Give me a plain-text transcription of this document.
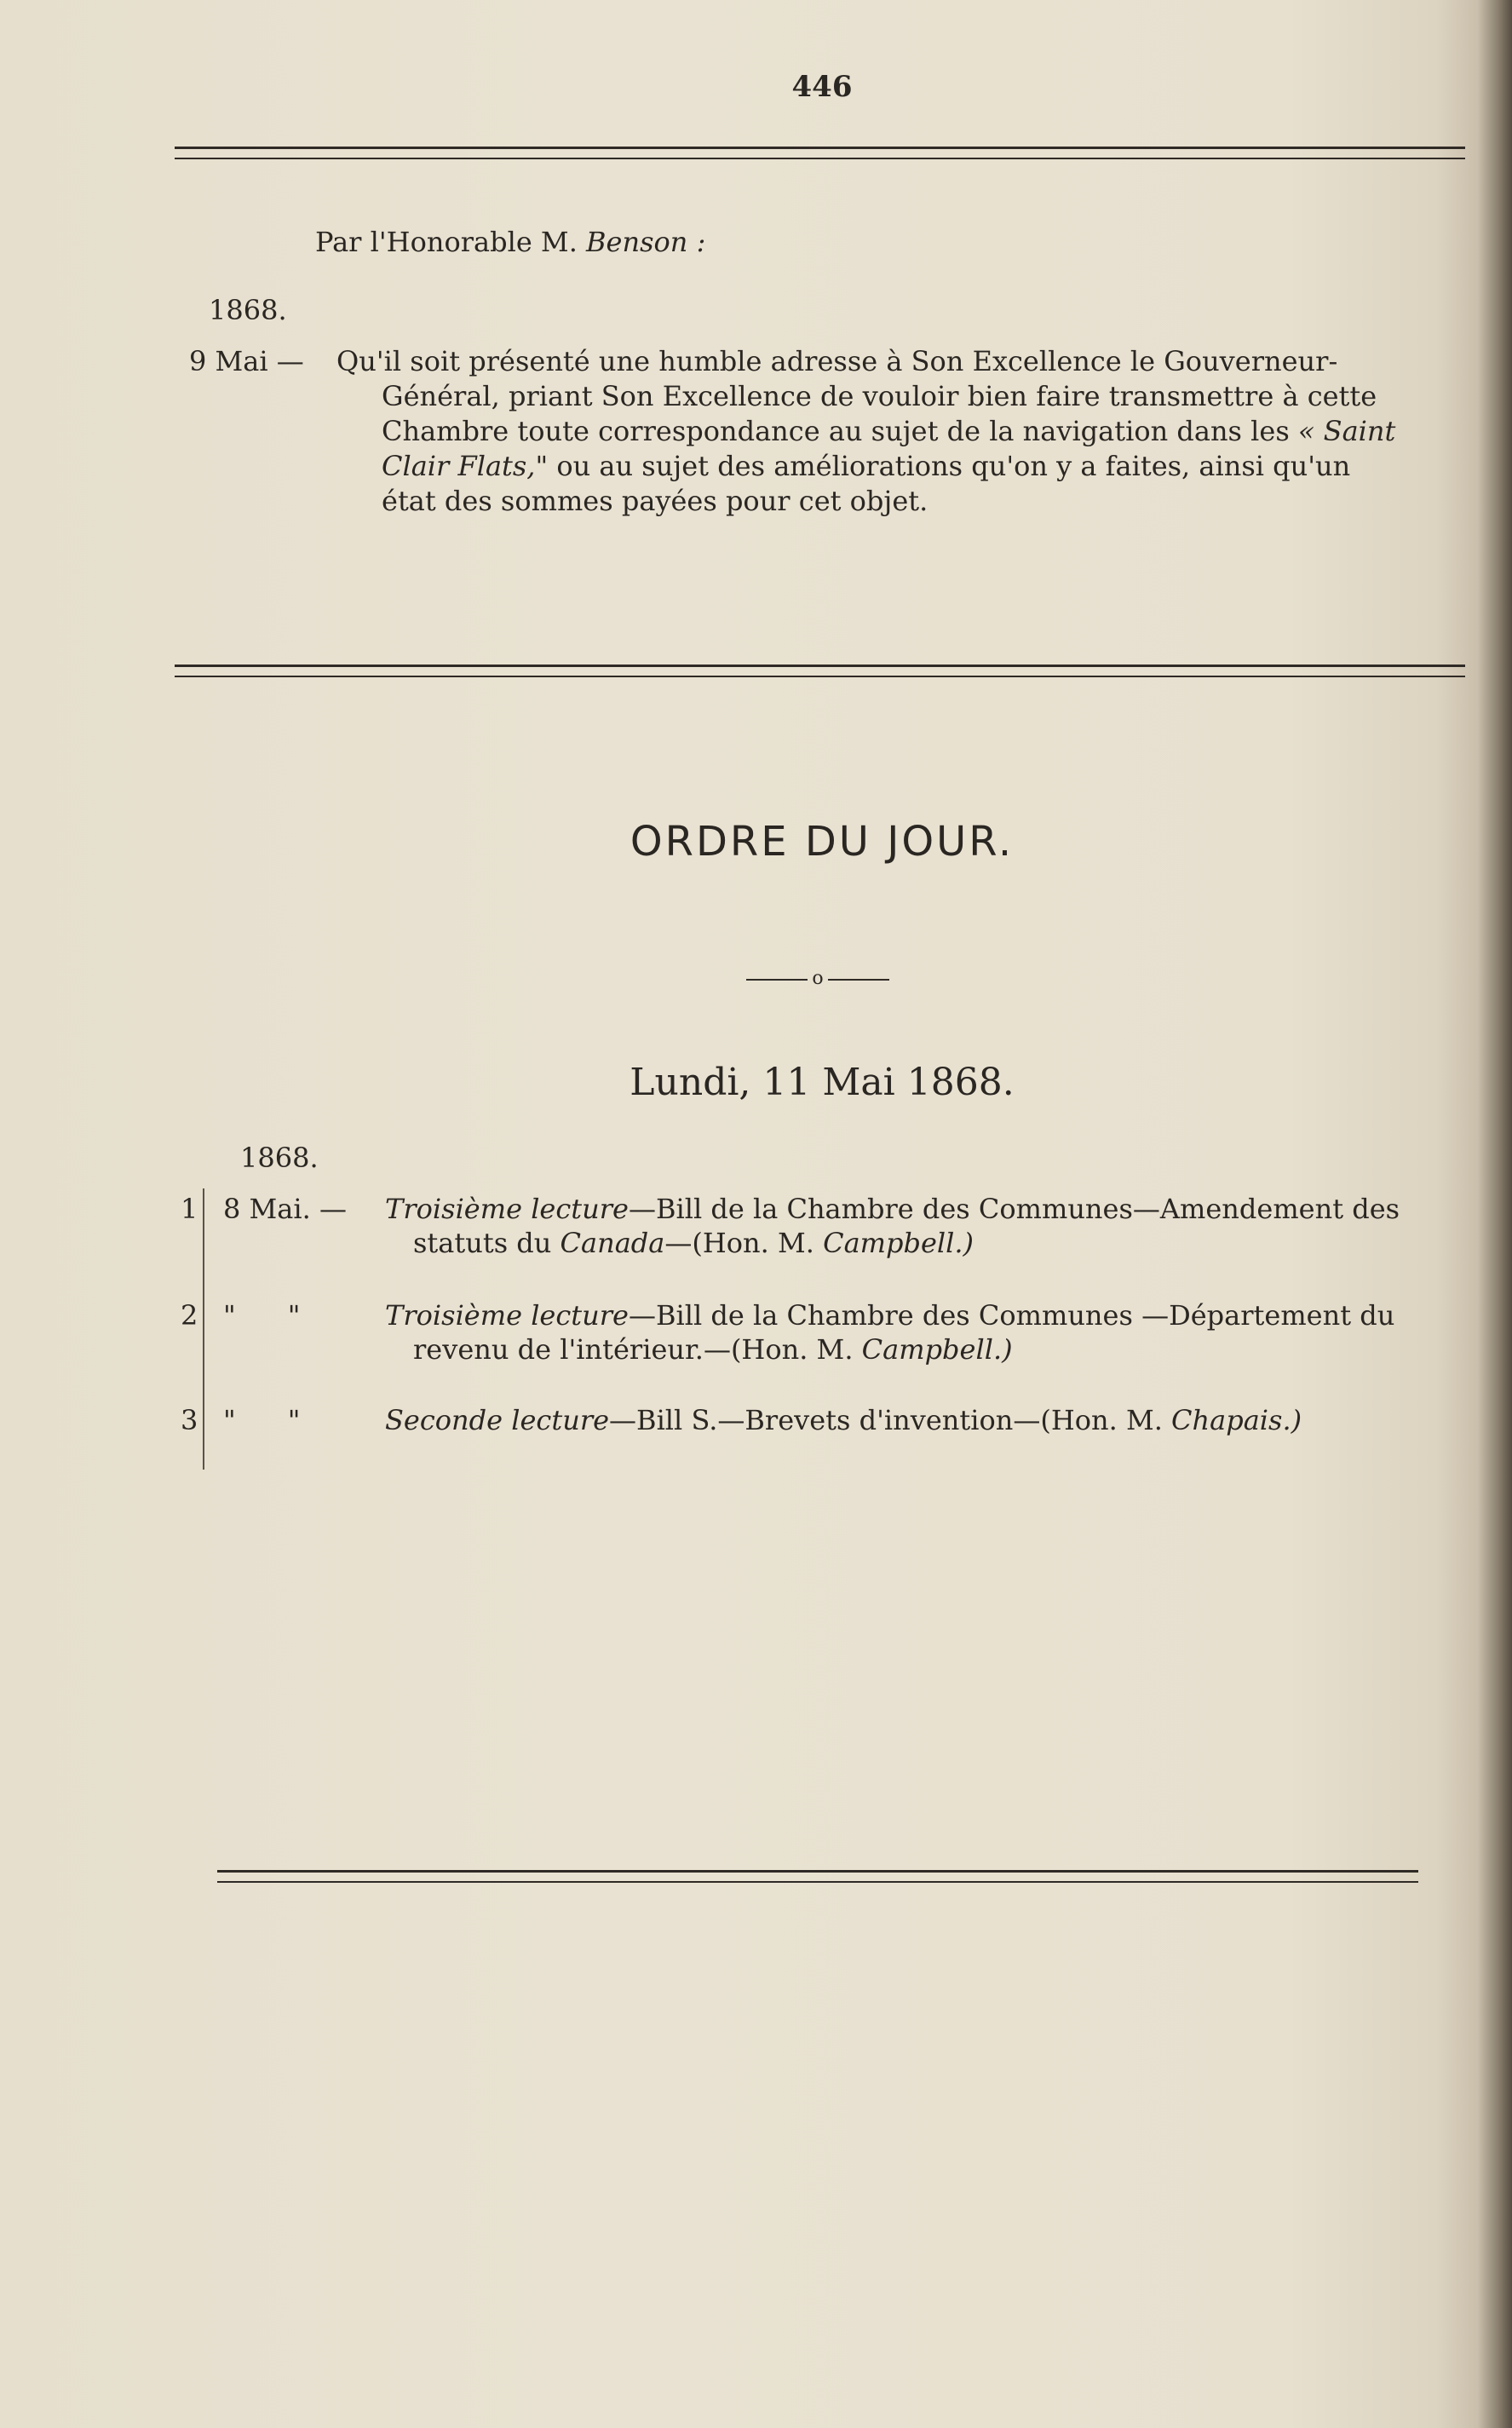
446
Par l'Honorable M. Benson :
1868.
9 Mai — Qu'il soit présenté une humble adresse à Son Excellence le Gouverneur-
Général, priant Son Excellence de vouloir bien faire transmettre à cette
Chambre toute correspondance au sujet de la navigation dans les « Saint
Clair Flats," ou au sujet des améliorations qu'on y a faites, ainsi qu'un
état des sommes payées pour cet objet.
ORDRE DU JOUR.
o
Lundi, 11 Mai 1868.
1868.
1 8 Mai. — Troisième lecture—Bill de la Chambre des Communes—Amendement des
statuts du Canada—(Hon. M. Campbell.)
2 "      "	Troisième lecture—Bill de la Chambre des Communes —Département du
revenu de l'intérieur.—(Hon. M. Campbell.)
3 "      "	Seconde lecture—Bill S.—Brevets d'invention—(Hon. M. Chapais.)
